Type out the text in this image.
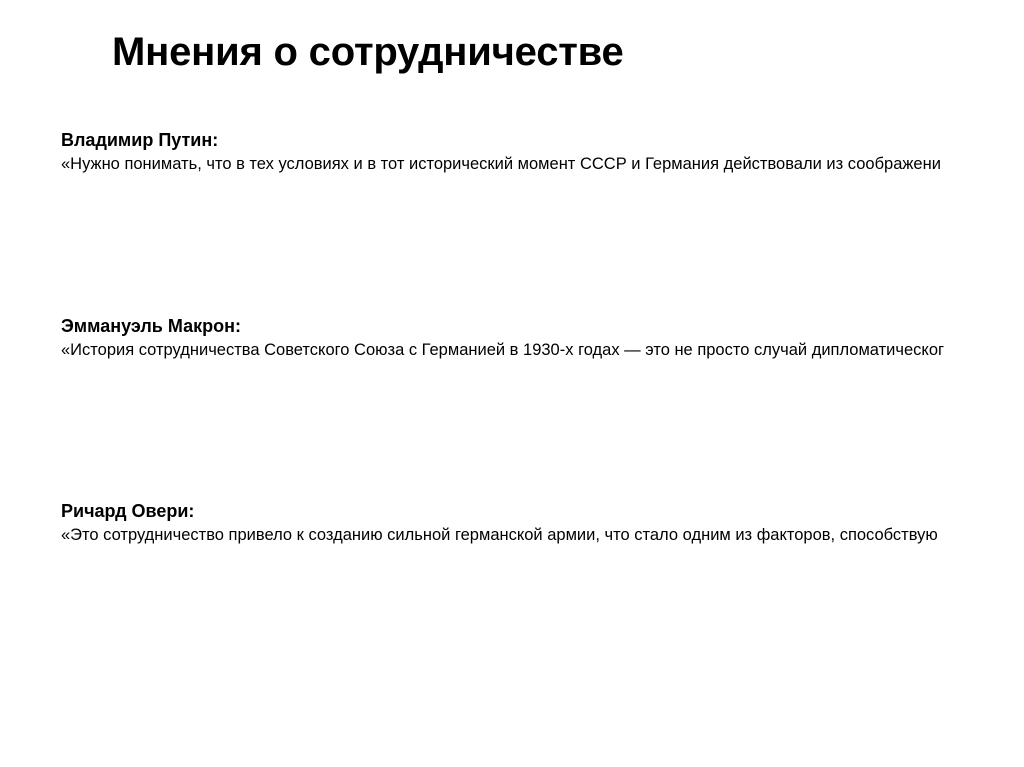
Мнения о сотрудничестве

Владимир Путин:

«Нужно понимать, что в тех условиях и в тот исторический момент СССР и Германия действовали из соображени

Эммануэль Макрон:

«История сотрудничества Советского Союза с Германией в 1930-х годах — это не просто случай дипломатическог

Ричард Овери:

«Это сотрудничество привело к созданию сильной германской армии, что стало одним из факторов, способствую
